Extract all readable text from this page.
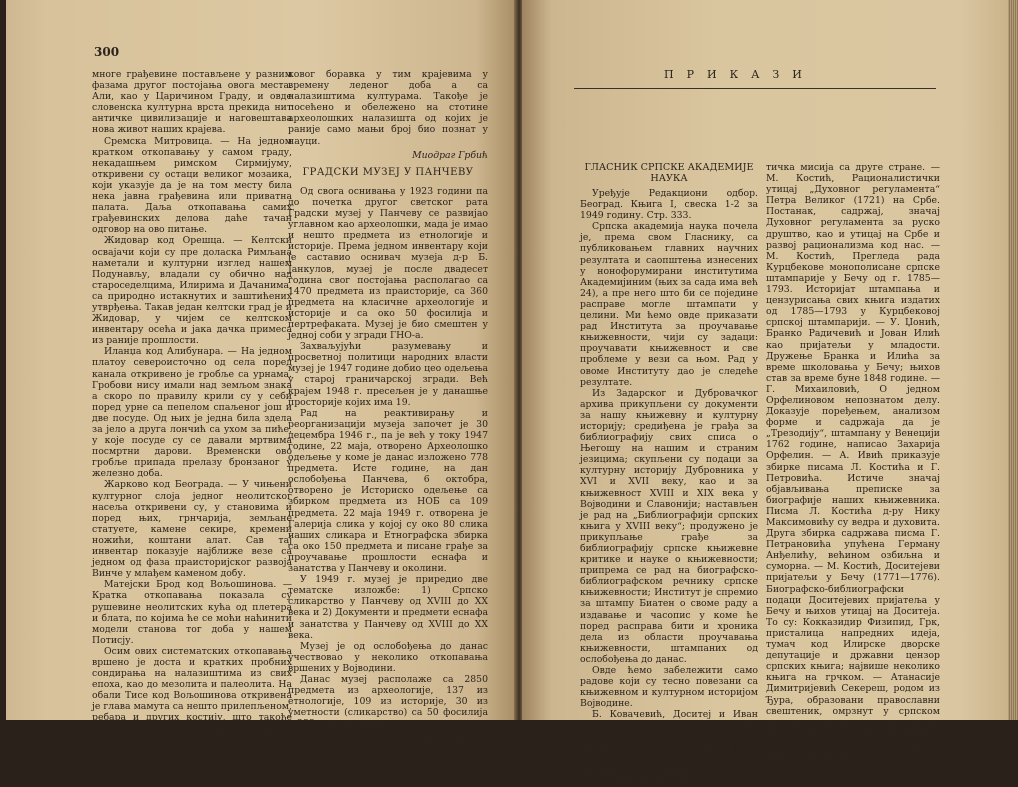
300

многе грађевине постављене у разним фазама другог постојања овога места. Али, као у Царичином Граду, и овде словенска културна врста прекида нит античке цивилизације и наговештава нова живот наших крајева.

Сремска Митровица. — На једном кратком откопавању у самом граду, некадашњем римском Сирмијуму, откривени су остаци великог мозаика, који указује да је на том месту била нека јавна грађевина или приватна палата. Даља откопавања самих грађевинских делова даће тачан одговор на ово питање.

Жидовар код Орешца. — Келтски освајачи који су пре доласка Римљана наметали и културни изглед нашем Подунављу, владали су обично над староседелцима, Илирима и Дачанима, са природно истакнутих и заштићених утврђења. Такав један келтски град је и Жидовар, у чијем се келтском инвентару осећа и јака дачка примеса из раније прошлости.

Иланџа код Алибунара. — На једном платоу североисточно од села поред канала откривено је гробље са урнама. Гробови нису имали над земљом знака а скоро по правилу крили су у себи поред урне са пепелом спаљеног још и две посуде. Од њих је једна била здела за јело а друга лончић са ухом за пиће, у које посуде су се давали мртвима посмртни дарови. Временски ово гробље припада прелазу бронзаног у железно доба.

Жарково код Београда. — У чињени културног слоја једног неолитског насеља откривени су, у становима и поред њих, грнчарија, земљане статуете, камене секире, кремени ножићи, коштани алат. Сав тај инвентар показује најближе везе са једном од фаза праисторијског развоја Винче у млађем каменом добу.

Матејски Брод код Вољошинова. — Кратка откопавања показала су рушевине неолитских кућа од плетера и блата, по којима ће се моћи наћинити модели станова тог доба у нашем Потисју.

Осим ових систематских откопавања вршено је доста и кратких пробних сондирања на налазиштима из свих епоха, као до мезолита и палеолита. На обали Тисе код Вољошинова откривена је глава мамута са нешто прилепљеном, ребара и других костију, што такође указује на могућност човеког боравка

ковог боравка у тим крајевима у времену леденог доба а са налазиштима културама. Такође је посећено и обележено на стотине археолошких налазишта од којих је раније само мањи број био познат у науци.

Миодраг Грбић
ГРАДСКИ МУЗЕЈ У ПАНЧЕВУ

Од свога оснивања у 1923 години па до почетка другог светског рата Градски музеј у Панчеву се развијао углавном као археолошки, мада је имао и нешто предмета из етнологије и историје. Према једном инвентару који је саставио оснивач музеја д-р Б. Јанкулов, музеј је после двадесет година свог постојања располагао са 1470 предмета из праисторије, са 360 предмета на класичне археологије и историје и са око 50 фосилија и пертрефаката. Музеј је био смештен у једној соби у згради ГНО-а.

Захваљујући разумевању и просветној политици народних власти музеј је 1947 године добио цео одељења у старој граничарској згради. Већ крајем 1948 г. пресељен је у данашње просторије којих има 19.

Рад на реактивирању и реорганизацији музеја започет је 30 децембра 1946 г., па је већ у току 1947 године, 22 маја, отворено Археолошко одељење у коме је данас изложено 778 предмета. Исте године, на дан ослобођења Панчева, 6 октобра, отворено је Историско одељење са збирком предмета из НОБ са 109 предмета. 22 маја 1949 г. отворена је Галерија слика у којој су око 80 слика наших сликара и Етнографска збирка са око 150 предмета и писане грађе за проучавање прошлости еснафа и занатства у Панчеву и околини.

У 1949 г. музеј је приредио две тематске изложбе: 1) Српско сликарство у Панчеву од XVIII до XX века и 2) Документи и предмети еснафа и занатства у Панчеву од XVIII до XX века.

Музеј је од ослобођења до данас учествовао у неколико откопавања вршених у Војводини.

Данас музеј располаже са 2850 предмета из археологије, 137 из етнологије, 109 из историје, 30 из уметности (сликарство) са 50 фосилија и 233 стручне књиге.

Р. Л. Веселиновић
ПРИКАЗИ
ГЛАСНИК СРПСКЕ АКАДЕМИЈЕ НАУКА

Уређује Редакциони одбор. Београд. Књига I, свеска 1-2 за 1949 годину. Стр. 333.

Српска академија наука почела је, према свом Гласнику, са публиковањем главних научних резултата и саопштења изнесених у нонофорумирани институтима Академијиним (њих за сада има већ 24), а пре него што би се поједине расправе могле штампати у целини. Ми ћемо овде приказати рад Института за проучавање књижевности, чији су задаци: проучавати књижевност и све проблеме у вези са њом. Рад у овоме Институту дао је следеће резултате.

Из Задарског и Дубровачког архива прикупљени су документи за нашу књижевну и културну историју; средиђена је грађа за библиографију свих списа о Његошу на нашим и страним језицима; скупљени су подаци за културну историју Дубровника у XVI и XVII веку, као и за књижевност XVIII и XIX века у Војводини и Славонији; настављен је рад на „Библиографији српских књига у XVIII веку“; продужено је прикупљање грађе за библиографију српске књижевне критике и науке о књижевности; припрема се рад на биографско-библиографском речнику српске књижевности; Институт је спремио за штампу Биатен о своме раду а издавање и часопис у коме ће поред расправа бити и хроника дела из области проучавања књижевности, штампаних од ослобођења до данас.

Овде ћемо забележити само радове који су тесно повезани са књижевном и културном историјом Војводине.

Б. Ковачевић, Доситеј и Иван Југовић. У прегледу рада Доситеја и Југовића у првом устанку приказана је делатност и патриотизам Доситеја са једне, а Југовићеве дефетизам, његово аустрофилство и поли-

тичка мисија са друге стране. — М. Костић, Рационалистички утицај „Духовног регуламента“ Петра Великог (1721) на Србе. Постанак, садржај, значај Духовног регуламента за руско друштво, као и утицај на Србе и развој рационализма код нас. — М. Костић, Прегледа рада Курцбекове монополисане српске штампарије у Бечу од г. 1785—1793. Историјат штампања и цензурисања свих књига издатих од 1785—1793 у Курцбековој српској штампарији. — У. Џонић, Бранко Радичевић и Јован Илић као пријатељи у младости. Дружење Бранка и Илића за време школовања у Бечу; њихов став за време буне 1848 године. — Г. Михаиловић, О једном Орфелиновом непознатом делу. Доказује поређењем, анализом форме и садржаја да је „Трезодију“, штампану у Венецији 1762 године, написао Захарија Орфелин. — А. Ивић приказује збирке писама Л. Костића и Г. Петровића. Истиче значај објављивања преписке за биографије наших књижевника. Писма Л. Костића д-ру Нику Максимовићу су ведра и духовита. Друга збирка садржава писма Г. Петрановића упућена Герману Анђелићу, већином озбиљна и суморна. — М. Костић, Доситејеви пријатељи у Бечу (1771—1776). Биографско-библиографски подаци Доситејевих пријатеља у Бечу и њихов утицај на Доситеја. То су: Кокказидир Физипид, Грк, присталица напредних идеја, тумач код Илирске дворске депутације и државни цензор српских књига; највише неколико књига на грчком. — Атанасије Димитријевић Секереш, родом из Ђура, образовани православни свештеник, омрзнут у српском друштву, учествовао у доношењу терезијанских рационалистичких реформа код Срба, цензор српске монополисане штампа-
